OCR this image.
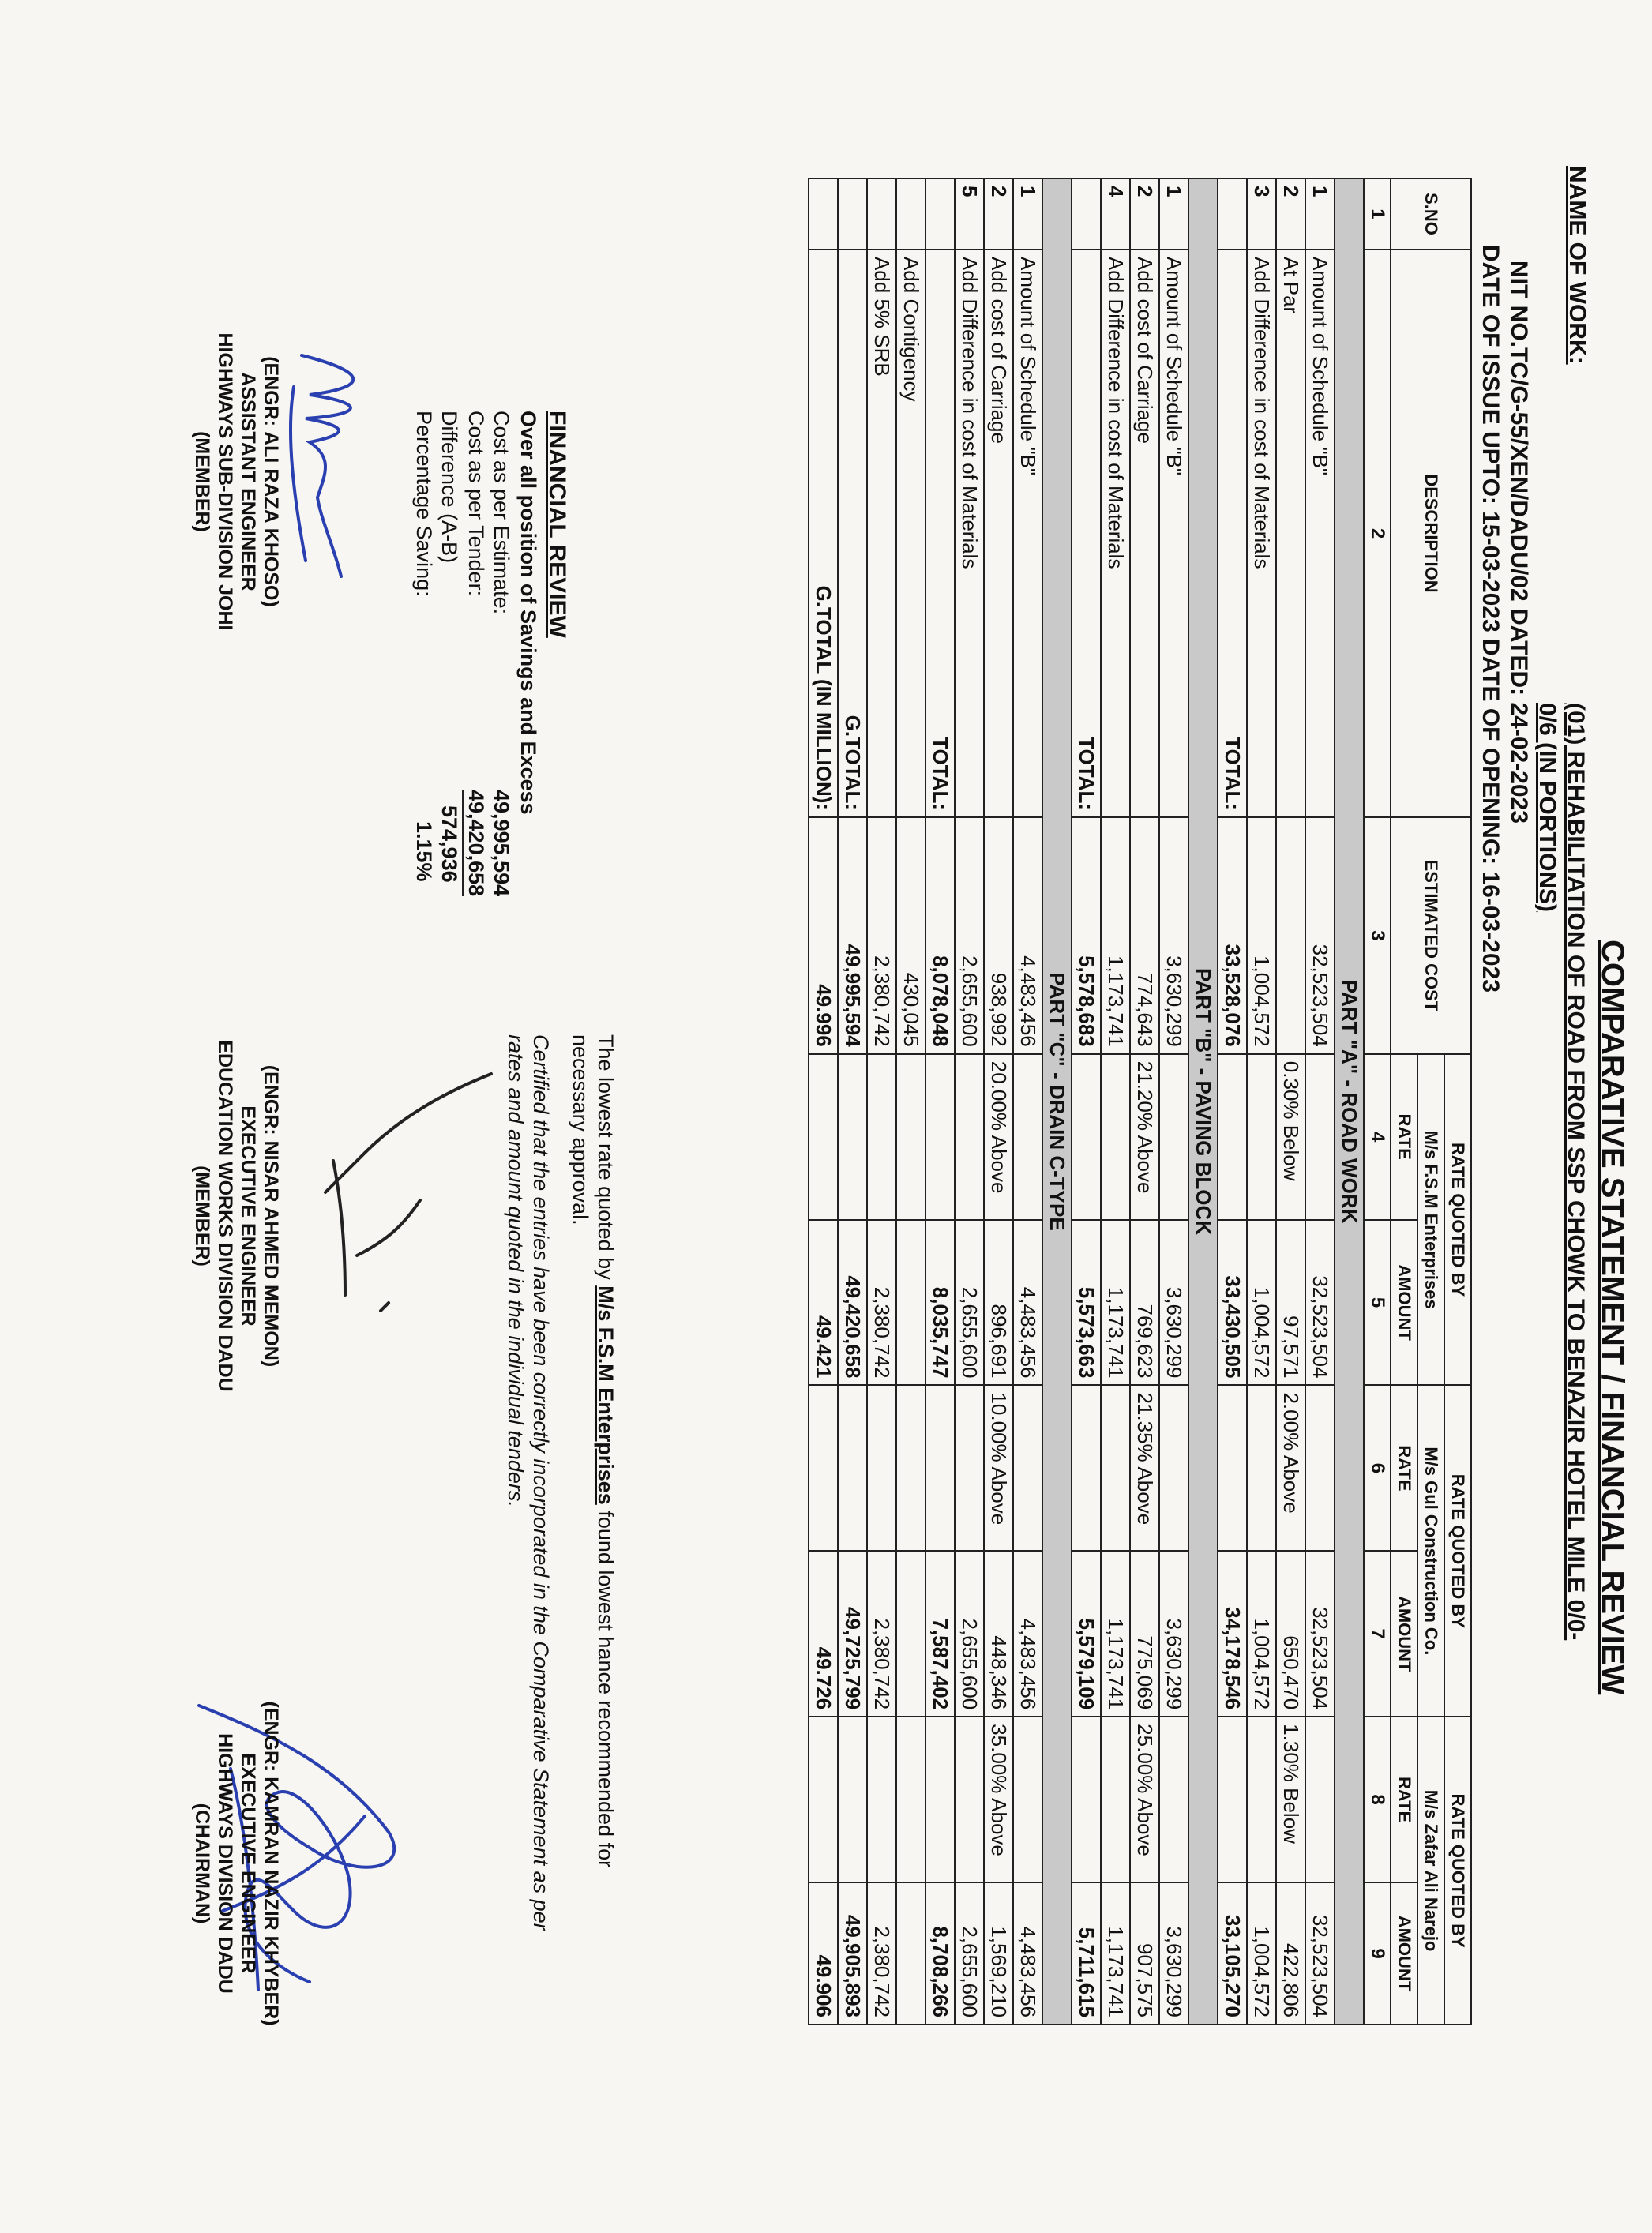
COMPARATIVE STATEMENT / FINANCIAL REVIEW
NAME OF WORK:
(01) REHABILITATION OF ROAD FROM SSP CHOWK TO BENAZIR HOTEL MILE 0/0-
0/6 (IN PORTIONS)
NIT NO.TC/G-55/XEN/DADU/02 DATED: 24-02-2023
DATE OF ISSUE UPTO: 15-03-2023 DATE OF OPENING: 16-03-2023
S.NO	DESCRIPTION	ESTIMATED COST	RATE QUOTED BY		RATE QUOTED BY		RATE QUOTED BY	
			M/s F.S.M Enterprises		M/s Gul Construction Co.		M/s Zafar Ali Narejo	
			RATE	AMOUNT	RATE	AMOUNT	RATE	AMOUNT
1	2	3	4	5	6	7	8	9
PART "A" - ROAD WORK								
1	Amount of Schedule "B"	32,523,504		32,523,504		32,523,504		32,523,504
2	At Par		0.30% Below	97,571	2.00% Above	650,470	1.30% Below	422,806
3	Add Difference in cost of Materials	1,004,572		1,004,572		1,004,572		1,004,572
	TOTAL:	33,528,076		33,430,505		34,178,546		33,105,270
PART "B" - PAVING BLOCK								
1	Amount of Schedule "B"	3,630,299		3,630,299		3,630,299		3,630,299
2	Add cost of Carriage	774,643	21.20% Above	769,623	21.35% Above	775,069	25.00% Above	907,575
4	Add Difference in cost of Materials	1,173,741		1,173,741		1,173,741		1,173,741
	TOTAL:	5,578,683		5,573,663		5,579,109		5,711,615
PART "C" - DRAIN C-TYPE								
1	Amount of Schedule "B"	4,483,456		4,483,456		4,483,456		4,483,456
2	Add cost of Carriage	938,992	20.00% Above	896,691	10.00% Above	448,346	35.00% Above	1,569,210
5	Add Difference in cost of Materials	2,655,600		2,655,600		2,655,600		2,655,600
	TOTAL:	8,078,048		8,035,747		7,587,402		8,708,266
	Add Contigency	430,045						
	Add 5% SRB	2,380,742		2,380,742		2,380,742		2,380,742
	G.TOTAL:	49,995,594		49,420,658		49,725,799		49,905,893
	G.TOTAL (IN MILLION):	49.996		49.421		49.726		49.906
FINANCIAL REVIEW
Over all position of Savings and Excess
Cost as per Estimate:
49,995,594
Cost as per Tender:
49,420,658
Difference (A-B)
574,936
Percentage Saving:
1.15%
The lowest rate quoted by M/s F.S.M Enterprises found lowest hance recommended for
necessary approval.
Certified that the entries have been correctly incorporated in the Comparative Statement as per
rates and amount quoted in the individual tenders.
(ENGR: ALI RAZA KHOSO)
ASSISTANT ENGINEER
HIGHWAYS SUB-DIVISION JOHI
(MEMBER)
(ENGR: NISAR AHMED MEMON)
EXECUTIVE ENGINEER
EDUCATION WORKS DIVISION DADU
(MEMBER)
(ENGR: KAMRAN NAZIR KHYBER)
EXECUTIVE ENGINEER
HIGHWAYS DIVISION DADU
(CHAIRMAN)
